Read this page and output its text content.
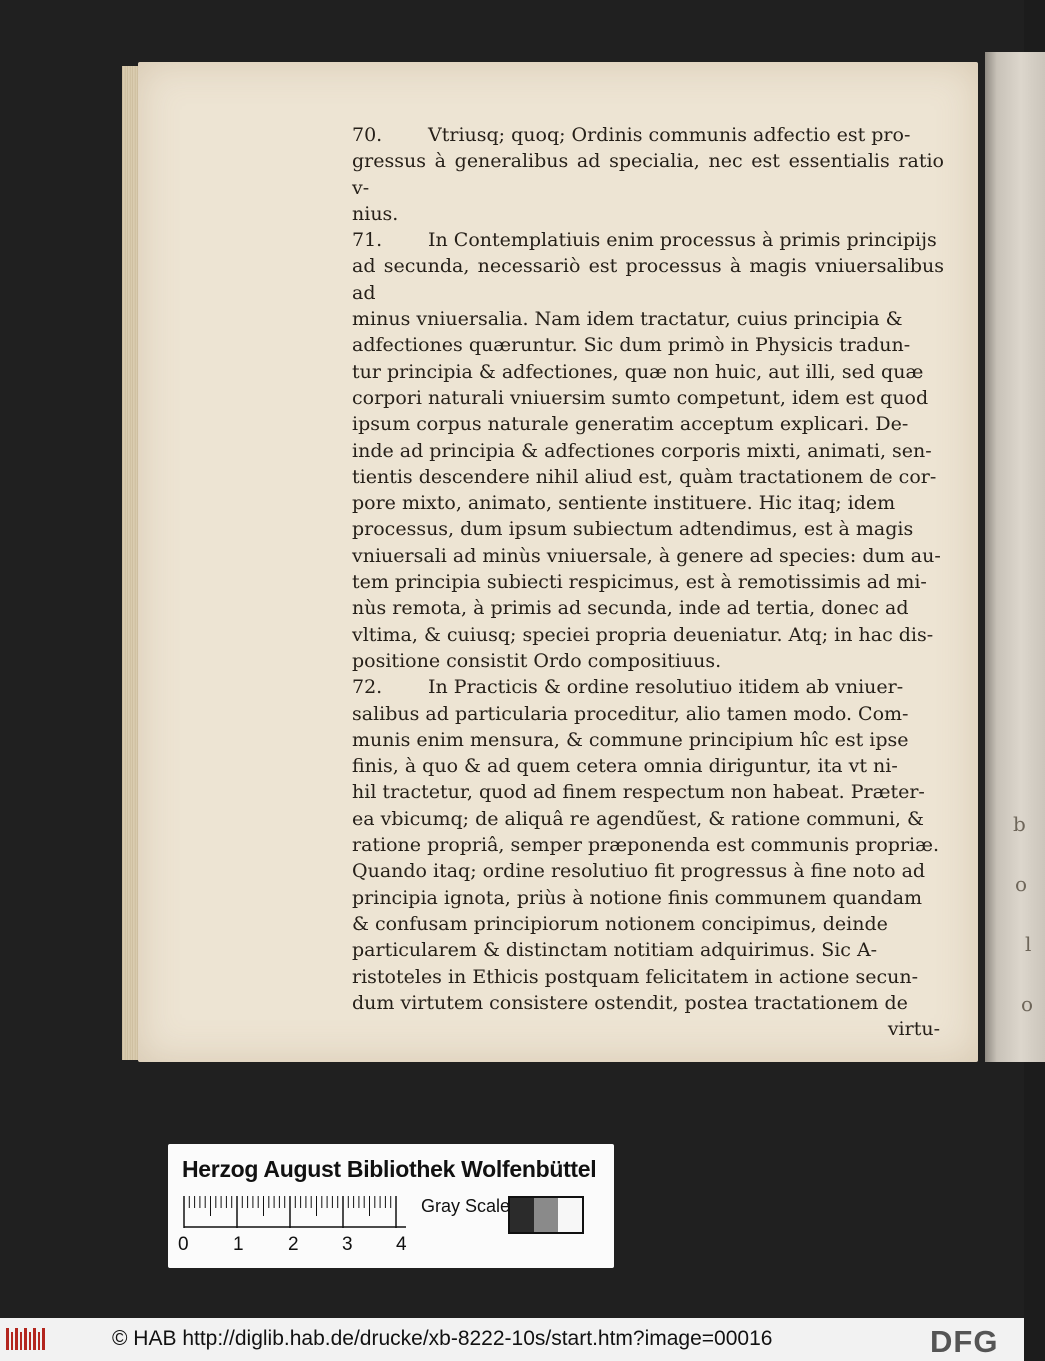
b
o
l
o

70. Vtriusq; quoq; Ordinis communis adfectio est pro-
gressus à generalibus ad specialia, nec est essentialis ratio v-
nius.

71. In Contemplatiuis enim processus à primis principijs
ad secunda, necessariò est processus à magis vniuersalibus ad
minus vniuersalia. Nam idem tractatur, cuius principia &
adfectiones quæruntur. Sic dum primò in Physicis tradun-
tur principia & adfectiones, quæ non huic, aut illi, sed quæ
corpori naturali vniuersim sumto competunt, idem est quod
ipsum corpus naturale generatim acceptum explicari. De-
inde ad principia & adfectiones corporis mixti, animati, sen-
tientis descendere nihil aliud est, quàm tractationem de cor-
pore mixto, animato, sentiente instituere. Hic itaq; idem
processus, dum ipsum subiectum adtendimus, est à magis
vniuersali ad minùs vniuersale, à genere ad species: dum au-
tem principia subiecti respicimus, est à remotissimis ad mi-
nùs remota, à primis ad secunda, inde ad tertia, donec ad
vltima, & cuiusq; speciei propria deueniatur. Atq; in hac dis-
positione consistit Ordo compositiuus.

72. In Practicis & ordine resolutiuo itidem ab vniuer-
salibus ad particularia proceditur, alio tamen modo. Com-
munis enim mensura, & commune principium hîc est ipse
finis, à quo & ad quem cetera omnia diriguntur, ita vt ni-
hil tractetur, quod ad finem respectum non habeat. Præter-
ea vbicumq; de aliquâ re agendũest, & ratione communi, &
ratione propriâ, semper præponenda est communis propriæ.
Quando itaq; ordine resolutiuo fit progressus à fine noto ad
principia ignota, priùs à notione finis communem quandam
& confusam principiorum notionem concipimus, deinde
particularem & distinctam notitiam adquirimus. Sic A-
ristoteles in Ethicis postquam felicitatem in actione secun-
dum virtutem consistere ostendit, postea tractationem de

virtu-
Herzog August Bibliothek Wolfenbüttel
0 1 2 3 4
Gray Scale
© HAB http://diglib.hab.de/drucke/xb-8222-10s/start.htm?image=00016	DFG
